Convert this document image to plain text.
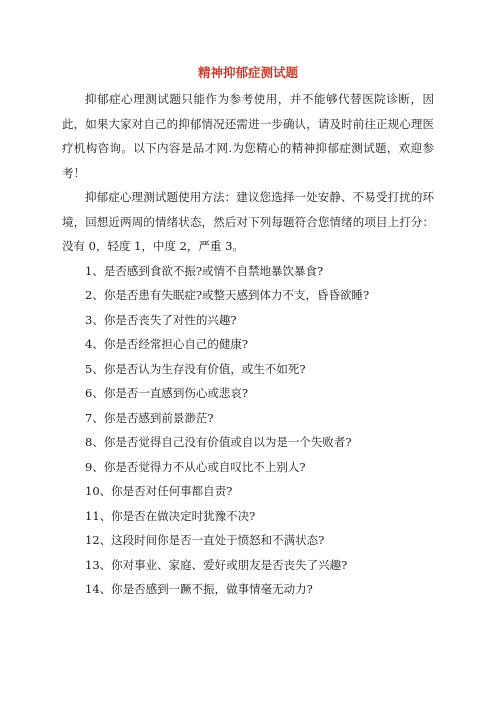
精神抑郁症测试题

抑郁症心理测试题只能作为参考使用，并不能够代替医院诊断，因此，如果大家对自己的抑郁情况还需进一步确认，请及时前往正规心理医疗机构咨询。以下内容是品才网.为您精心的精神抑郁症测试题，欢迎参考！

抑郁症心理测试题使用方法：建议您选择一处安静、不易受打扰的环境，回想近两周的情绪状态，然后对下列每题符合您情绪的项目上打分：没有 0，轻度 1，中度 2，严重 3。

1、是否感到食欲不振?或情不自禁地暴饮暴食?

2、你是否患有失眠症?或整天感到体力不支，昏昏欲睡?

3、你是否丧失了对性的兴趣?

4、你是否经常担心自己的健康?

5、你是否认为生存没有价值，或生不如死?

6、你是否一直感到伤心或悲哀?

7、你是否感到前景渺茫?

8、你是否觉得自己没有价值或自以为是一个失败者?

9、你是否觉得力不从心或自叹比不上别人?

10、你是否对任何事都自责?

11、你是否在做决定时犹豫不决?

12、这段时间你是否一直处于愤怒和不满状态?

13、你对事业、家庭、爱好或朋友是否丧失了兴趣?

14、你是否感到一蹶不振，做事情毫无动力?
